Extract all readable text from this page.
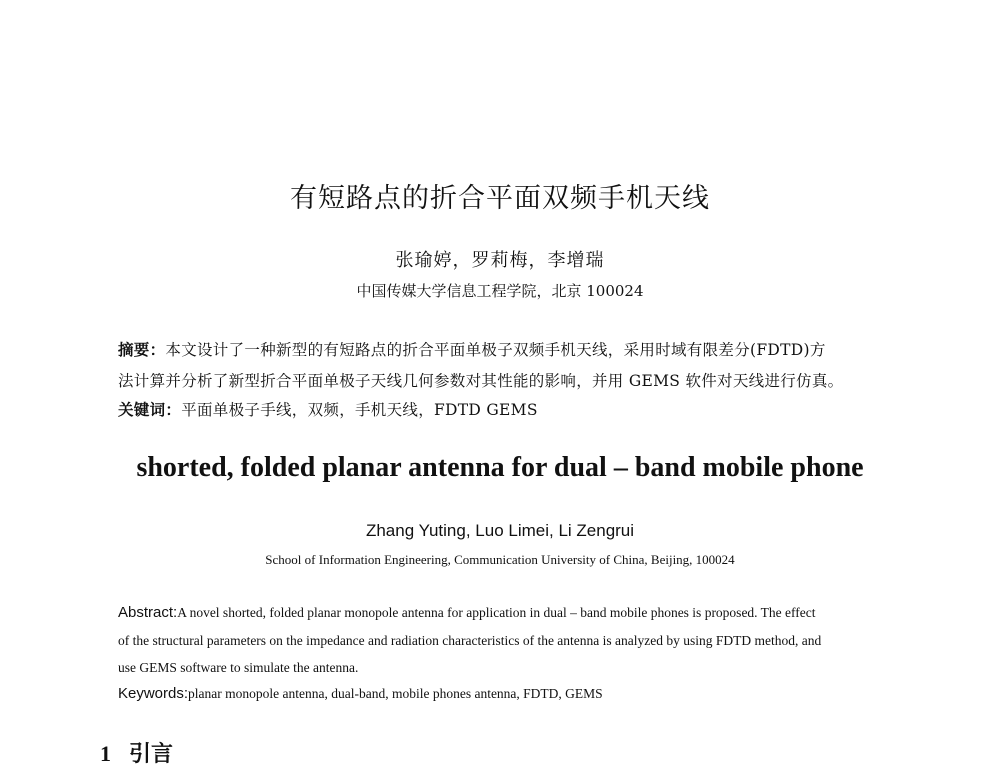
有短路点的折合平面双频手机天线
张瑜婷，罗莉梅，李增瑞
中国传媒大学信息工程学院，北京 100024
摘要：本文设计了一种新型的有短路点的折合平面单极子双频手机天线，采用时域有限差分(FDTD)方
法计算并分析了新型折合平面单极子天线几何参数对其性能的影响，并用 GEMS 软件对天线进行仿真。
关键词：平面单极子手线，双频，手机天线，FDTD GEMS
shorted, folded planar antenna for dual – band mobile phone
Zhang Yuting, Luo Limei, Li Zengrui
School of Information Engineering, Communication University of China, Beijing, 100024
Abstract:A novel shorted, folded planar monopole antenna for application in dual – band mobile phones is proposed. The effect
of the structural parameters on the impedance and radiation characteristics of the antenna is analyzed by using FDTD method, and
use GEMS software to simulate the antenna.
Keywords:planar monopole antenna, dual-band, mobile phones antenna, FDTD, GEMS
1 引言
